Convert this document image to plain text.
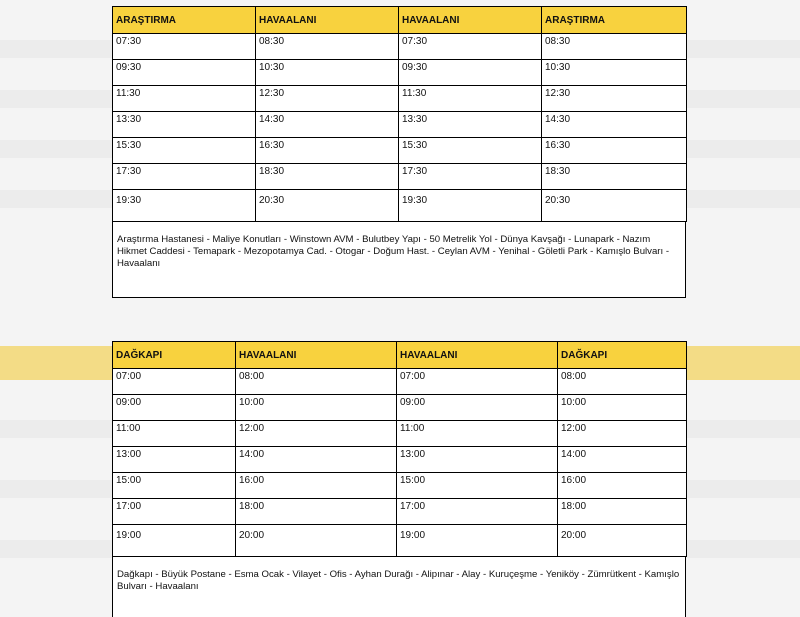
ARAŞTIRMA	HAVAALANI	HAVAALANI	ARAŞTIRMA
07:30	08:30	07:30	08:30
09:30	10:30	09:30	10:30
11:30	12:30	11:30	12:30
13:30	14:30	13:30	14:30
15:30	16:30	15:30	16:30
17:30	18:30	17:30	18:30
19:30	20:30	19:30	20:30
Araştırma Hastanesi - Maliye Konutları - Winstown AVM - Bulutbey Yapı - 50 Metrelik Yol - Dünya Kavşağı - Lunapark - Nazım Hikmet Caddesi - Temapark - Mezopotamya Cad. - Otogar - Doğum Hast. - Ceylan AVM - Yenihal - Göletli Park - Kamışlo Bulvarı - Havaalanı
DAĞKAPI	HAVAALANI	HAVAALANI	DAĞKAPI
07:00	08:00	07:00	08:00
09:00	10:00	09:00	10:00
11:00	12:00	11:00	12:00
13:00	14:00	13:00	14:00
15:00	16:00	15:00	16:00
17:00	18:00	17:00	18:00
19:00	20:00	19:00	20:00
Dağkapı - Büyük Postane - Esma Ocak - Vilayet - Ofis - Ayhan Durağı - Alipınar - Alay - Kuruçeşme - Yeniköy - Zümrütkent - Kamışlo Bulvarı - Havaalanı
